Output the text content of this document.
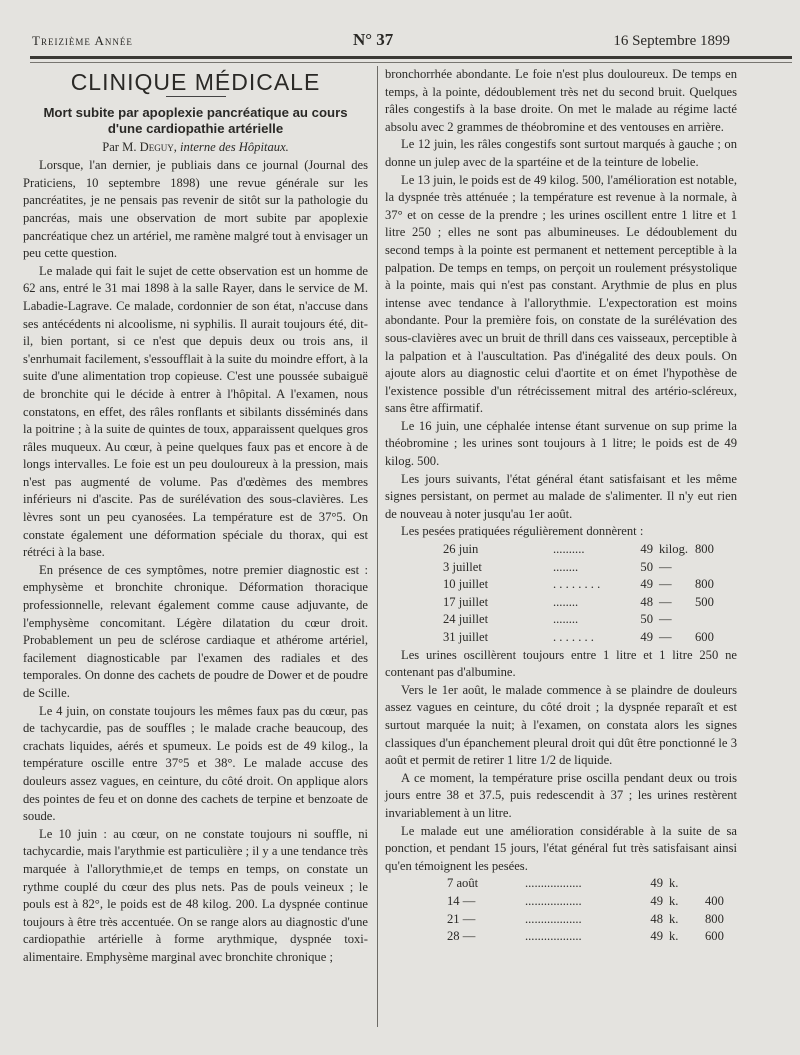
Treizième Année	N° 37	16 Septembre 1899
CLINIQUE MÉDICALE
Mort subite par apoplexie pancréatique au cours d'une cardiopathie artérielle
Par M. Deguy, interne des Hôpitaux.

Lorsque, l'an dernier, je publiais dans ce journal (Journal des Praticiens, 10 septembre 1898) une revue générale sur les pancréatites, je ne pensais pas revenir de sitôt sur la pathologie du pancréas, mais une observation de mort subite par apoplexie pancréatique chez un artériel, me ramène malgré tout à envisager un peu cette question.

Le malade qui fait le sujet de cette observation est un homme de 62 ans, entré le 31 mai 1898 à la salle Rayer, dans le service de M. Labadie-Lagrave. Ce malade, cordonnier de son état, n'accuse dans ses antécédents ni alcoolisme, ni syphilis. Il aurait toujours été, dit-il, bien portant, si ce n'est que depuis deux ou trois ans, il s'enrhumait facilement, s'essoufflait à la suite du moindre effort, à la suite d'une alimentation trop copieuse. C'est une poussée subaiguë de bronchite qui le décide à entrer à l'hôpital. A l'examen, nous constatons, en effet, des râles ronflants et sibilants disséminés dans la poitrine ; à la suite de quintes de toux, apparaissent quelques gros râles muqueux. Au cœur, à peine quelques faux pas et encore à de longs intervalles. Le foie est un peu douloureux à la pression, mais n'est pas augmenté de volume. Pas d'œdèmes des membres inférieurs ni d'ascite. Pas de surélévation des sous-clavières. Les lèvres sont un peu cyanosées. La température est de 37°5. On constate également une déformation spéciale du thorax, qui est rétréci à la base.

En présence de ces symptômes, notre premier diagnostic est : emphysème et bronchite chronique. Déformation thoracique professionnelle, relevant également comme cause adjuvante, de l'emphysème concomitant. Légère dilatation du cœur droit. Probablement un peu de sclérose cardiaque et athérome artériel, facilement diagnosticable par l'examen des radiales et des temporales. On donne des cachets de poudre de Dower et de poudre de Scille.

Le 4 juin, on constate toujours les mêmes faux pas du cœur, pas de tachycardie, pas de souffles ; le malade crache beaucoup, des crachats liquides, aérés et spumeux. Le poids est de 49 kilog., la température oscille entre 37°5 et 38°. Le malade accuse des douleurs assez vagues, en ceinture, du côté droit. On applique alors des pointes de feu et on donne des cachets de terpine et benzoate de soude.

Le 10 juin : au cœur, on ne constate toujours ni souffle, ni tachycardie, mais l'arythmie est particulière ; il y a une tendance très marquée à l'allorythmie,et de temps en temps, on constate un rythme couplé du cœur des plus nets. Pas de pouls veineux ; le pouls est à 82°, le poids est de 48 kilog. 200. La dyspnée continue toujours à être très accentuée. On se range alors au diagnostic d'une cardiopathie artérielle à forme arythmique, dyspnée toxi-alimentaire. Emphysème marginal avec bronchite chronique ;

bronchorrhée abondante. Le foie n'est plus douloureux. De temps en temps, à la pointe, dédoublement très net du second bruit. Quelques râles congestifs à la base droite. On met le malade au régime lacté absolu avec 2 grammes de théobromine et des ventouses en arrière.

Le 12 juin, les râles congestifs sont surtout marqués à gauche ; on donne un julep avec de la spartéine et de la teinture de lobelie.

Le 13 juin, le poids est de 49 kilog. 500, l'amélioration est notable, la dyspnée très atténuée ; la température est revenue à la normale, à 37° et on cesse de la prendre ; les urines oscillent entre 1 litre et 1 litre 250 ; elles ne sont pas albumineuses. Le dédoublement du second temps à la pointe est permanent et nettement perceptible à la palpation. De temps en temps, on perçoit un roulement présystolique à la pointe, mais qui n'est pas constant. Arythmie de plus en plus intense avec tendance à l'allorythmie. L'expectoration est moins abondante. Pour la première fois, on constate de la surélévation des sous-clavières avec un bruit de thrill dans ces vaisseaux, perceptible à la palpation et à l'auscultation. Pas d'inégalité des deux pouls. On ajoute alors au diagnostic celui d'aortite et on émet l'hypothèse de l'existence possible d'un rétrécissement mitral des artério-scléreux, sans être affirmatif.

Le 16 juin, une céphalée intense étant survenue on sup prime la théobromine ; les urines sont toujours à 1 litre; le poids est de 49 kilog. 500.

Les jours suivants, l'état général étant satisfaisant et les même signes persistant, on permet au malade de s'alimenter. Il n'y eut rien de nouveau à noter jusqu'au 1er août.

Les pesées pratiquées régulièrement donnèrent :

26 juin	..........	49	kilog.	800
3 juillet	........	50	—	
10 juillet	. . . . . . . .	49	—	800
17 juillet	........	48	—	500
24 juillet	........	50	—	
31 juillet	. . . . . . .	49	—	600

Les urines oscillèrent toujours entre 1 litre et 1 litre 250 ne contenant pas d'albumine.

Vers le 1er août, le malade commence à se plaindre de douleurs assez vagues en ceinture, du côté droit ; la dyspnée reparaît et est surtout marquée la nuit; à l'examen, on constata alors les signes classiques d'un épanchement pleural droit qui dût être ponctionné le 3 août et permit de retirer 1 litre 1/2 de liquide.

A ce moment, la température prise oscilla pendant deux ou trois jours entre 38 et 37.5, puis redescendit à 37 ; les urines restèrent invariablement à un litre.

Le malade eut une amélioration considérable à la suite de sa ponction, et pendant 15 jours, l'état général fut très satisfaisant ainsi qu'en témoignent les pesées.

7 août	..................	49	k.	
14 —	..................	49	k.	400
21 —	..................	48	k.	800
28 —	..................	49	k.	600
